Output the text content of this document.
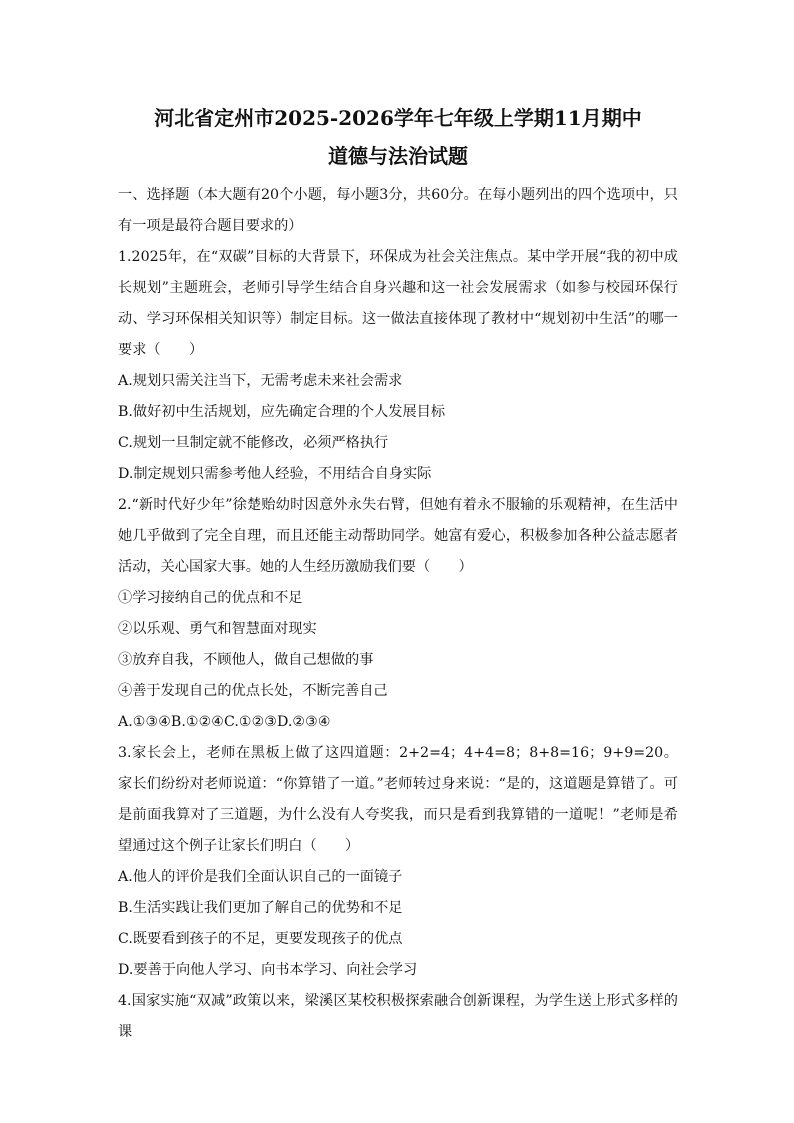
河北省定州市2025-2026学年七年级上学期11月期中
道德与法治试题

一、选择题（本大题有20个小题，每小题3分，共60分。在每小题列出的四个选项中，只有一项是最符合题目要求的）

1.2025年，在“双碳”目标的大背景下，环保成为社会关注焦点。某中学开展“我的初中成长规划”主题班会，老师引导学生结合自身兴趣和这一社会发展需求（如参与校园环保行动、学习环保相关知识等）制定目标。这一做法直接体现了教材中“规划初中生活”的哪一要求（　　）

A.规划只需关注当下，无需考虑未来社会需求

B.做好初中生活规划，应先确定合理的个人发展目标

C.规划一旦制定就不能修改，必须严格执行

D.制定规划只需参考他人经验，不用结合自身实际

2.“新时代好少年”徐楚贻幼时因意外永失右臂，但她有着永不服输的乐观精神，在生活中她几乎做到了完全自理，而且还能主动帮助同学。她富有爱心，积极参加各种公益志愿者活动，关心国家大事。她的人生经历激励我们要（　　）

①学习接纳自己的优点和不足

②以乐观、勇气和智慧面对现实

③放弃自我，不顾他人，做自己想做的事

④善于发现自己的优点长处，不断完善自己

A.①③④B.①②④C.①②③D.②③④

3.家长会上，老师在黑板上做了这四道题：2+2=4；4+4=8；8+8=16；9+9=20。家长们纷纷对老师说道：“你算错了一道。”老师转过身来说：“是的，这道题是算错了。可是前面我算对了三道题，为什么没有人夸奖我，而只是看到我算错的一道呢！”老师是希望通过这个例子让家长们明白（　　）

A.他人的评价是我们全面认识自己的一面镜子

B.生活实践让我们更加了解自己的优势和不足

C.既要看到孩子的不足，更要发现孩子的优点

D.要善于向他人学习、向书本学习、向社会学习

4.国家实施“双减”政策以来，梁溪区某校积极探索融合创新课程，为学生送上形式多样的课
